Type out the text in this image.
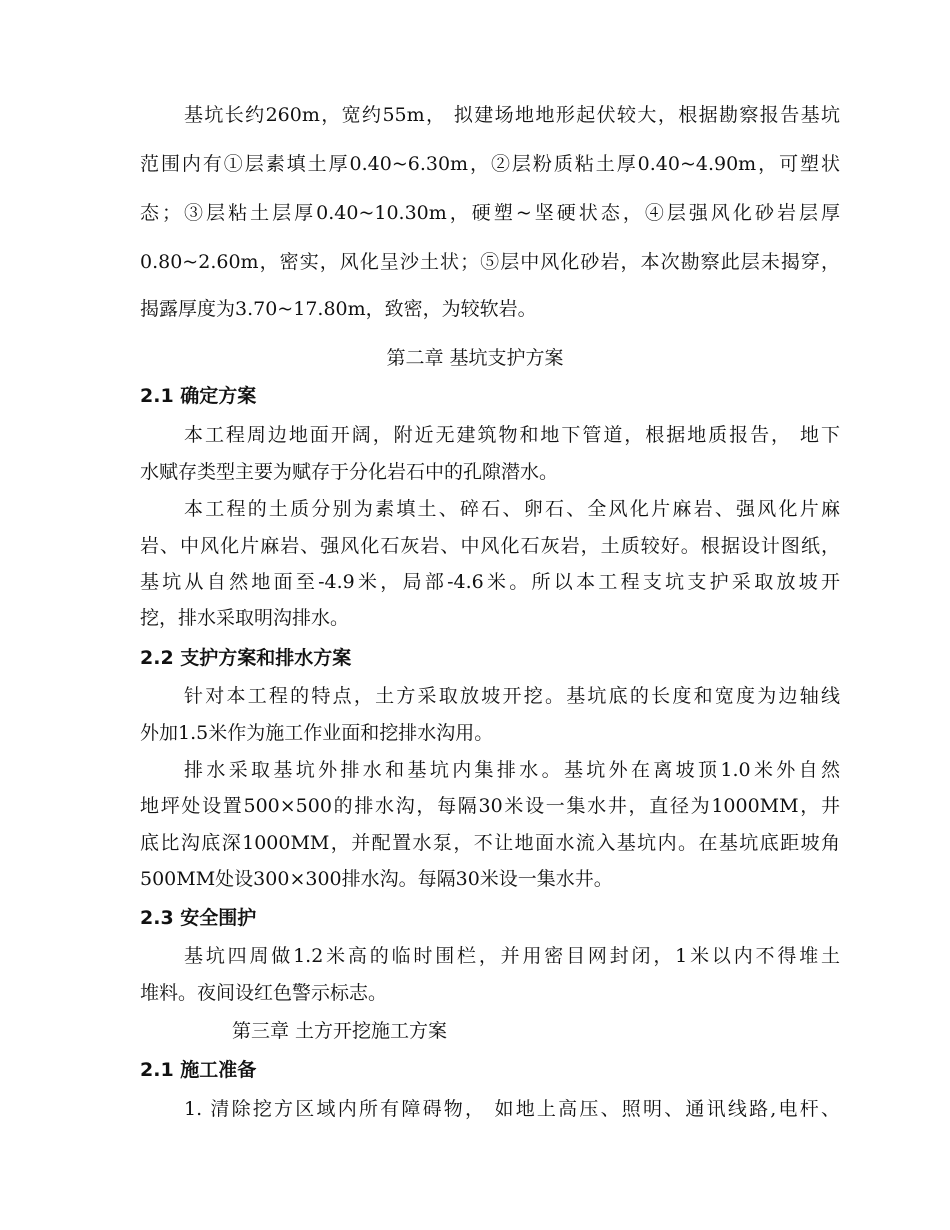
基坑长约260m，宽约55m， 拟建场地地形起伏较大，根据勘察报告基坑
范围内有①层素填土厚0.40~6.30m，②层粉质粘土厚0.40~4.90m，可塑状
态；③层粘土层厚0.40~10.30m，硬塑~坚硬状态，④层强风化砂岩层厚
0.80~2.60m，密实，风化呈沙土状；⑤层中风化砂岩，本次勘察此层未揭穿，
揭露厚度为3.70~17.80m，致密，为较软岩。
第二章 基坑支护方案
2.1 确定方案
本工程周边地面开阔，附近无建筑物和地下管道，根据地质报告， 地下
水赋存类型主要为赋存于分化岩石中的孔隙潜水。
本工程的土质分别为素填土、碎石、卵石、全风化片麻岩、强风化片麻
岩、中风化片麻岩、强风化石灰岩、中风化石灰岩，土质较好。根据设计图纸，
基坑从自然地面至-4.9米，局部-4.6米。所以本工程支坑支护采取放坡开
挖，排水采取明沟排水。
2.2 支护方案和排水方案
针对本工程的特点，土方采取放坡开挖。基坑底的长度和宽度为边轴线
外加1.5米作为施工作业面和挖排水沟用。
排水采取基坑外排水和基坑内集排水。基坑外在离坡顶1.0米外自然
地坪处设置500×500的排水沟，每隔30米设一集水井，直径为1000MM，井
底比沟底深1000MM，并配置水泵，不让地面水流入基坑内。在基坑底距坡角
500MM处设300×300排水沟。每隔30米设一集水井。
2.3 安全围护
基坑四周做1.2米高的临时围栏，并用密目网封闭，1米以内不得堆土
堆料。夜间设红色警示标志。
第三章 土方开挖施工方案
2.1 施工准备
1. 清除挖方区域内所有障碍物， 如地上高压、照明、通讯线路,电杆、
